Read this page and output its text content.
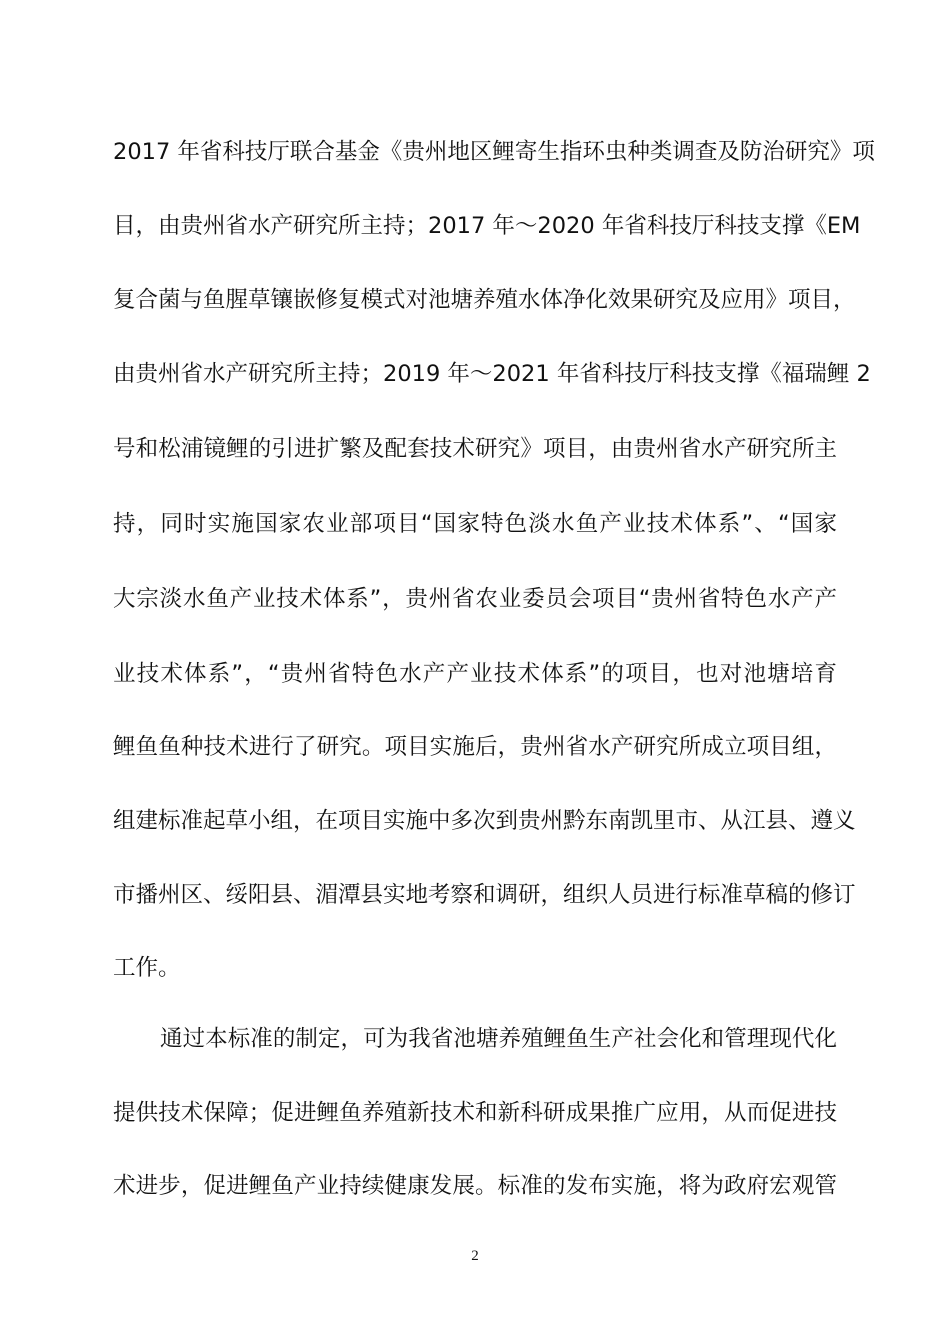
2017 年省科技厅联合基金《贵州地区鲤寄生指环虫种类调查及防治研究》项
目，由贵州省水产研究所主持；2017 年～2020 年省科技厅科技支撑《EM
复合菌与鱼腥草镶嵌修复模式对池塘养殖水体净化效果研究及应用》项目，
由贵州省水产研究所主持；2019 年～2021 年省科技厅科技支撑《福瑞鲤 2
号和松浦镜鲤的引进扩繁及配套技术研究》项目，由贵州省水产研究所主
持，同时实施国家农业部项目“国家特色淡水鱼产业技术体系”、“国家
大宗淡水鱼产业技术体系”，贵州省农业委员会项目“贵州省特色水产产
业技术体系”，“贵州省特色水产产业技术体系”的项目，也对池塘培育
鲤鱼鱼种技术进行了研究。项目实施后，贵州省水产研究所成立项目组，
组建标准起草小组，在项目实施中多次到贵州黔东南凯里市、从江县、遵义
市播州区、绥阳县、湄潭县实地考察和调研，组织人员进行标准草稿的修订
工作。
通过本标准的制定，可为我省池塘养殖鲤鱼生产社会化和管理现代化
提供技术保障；促进鲤鱼养殖新技术和新科研成果推广应用，从而促进技
术进步，促进鲤鱼产业持续健康发展。标准的发布实施，将为政府宏观管
2
